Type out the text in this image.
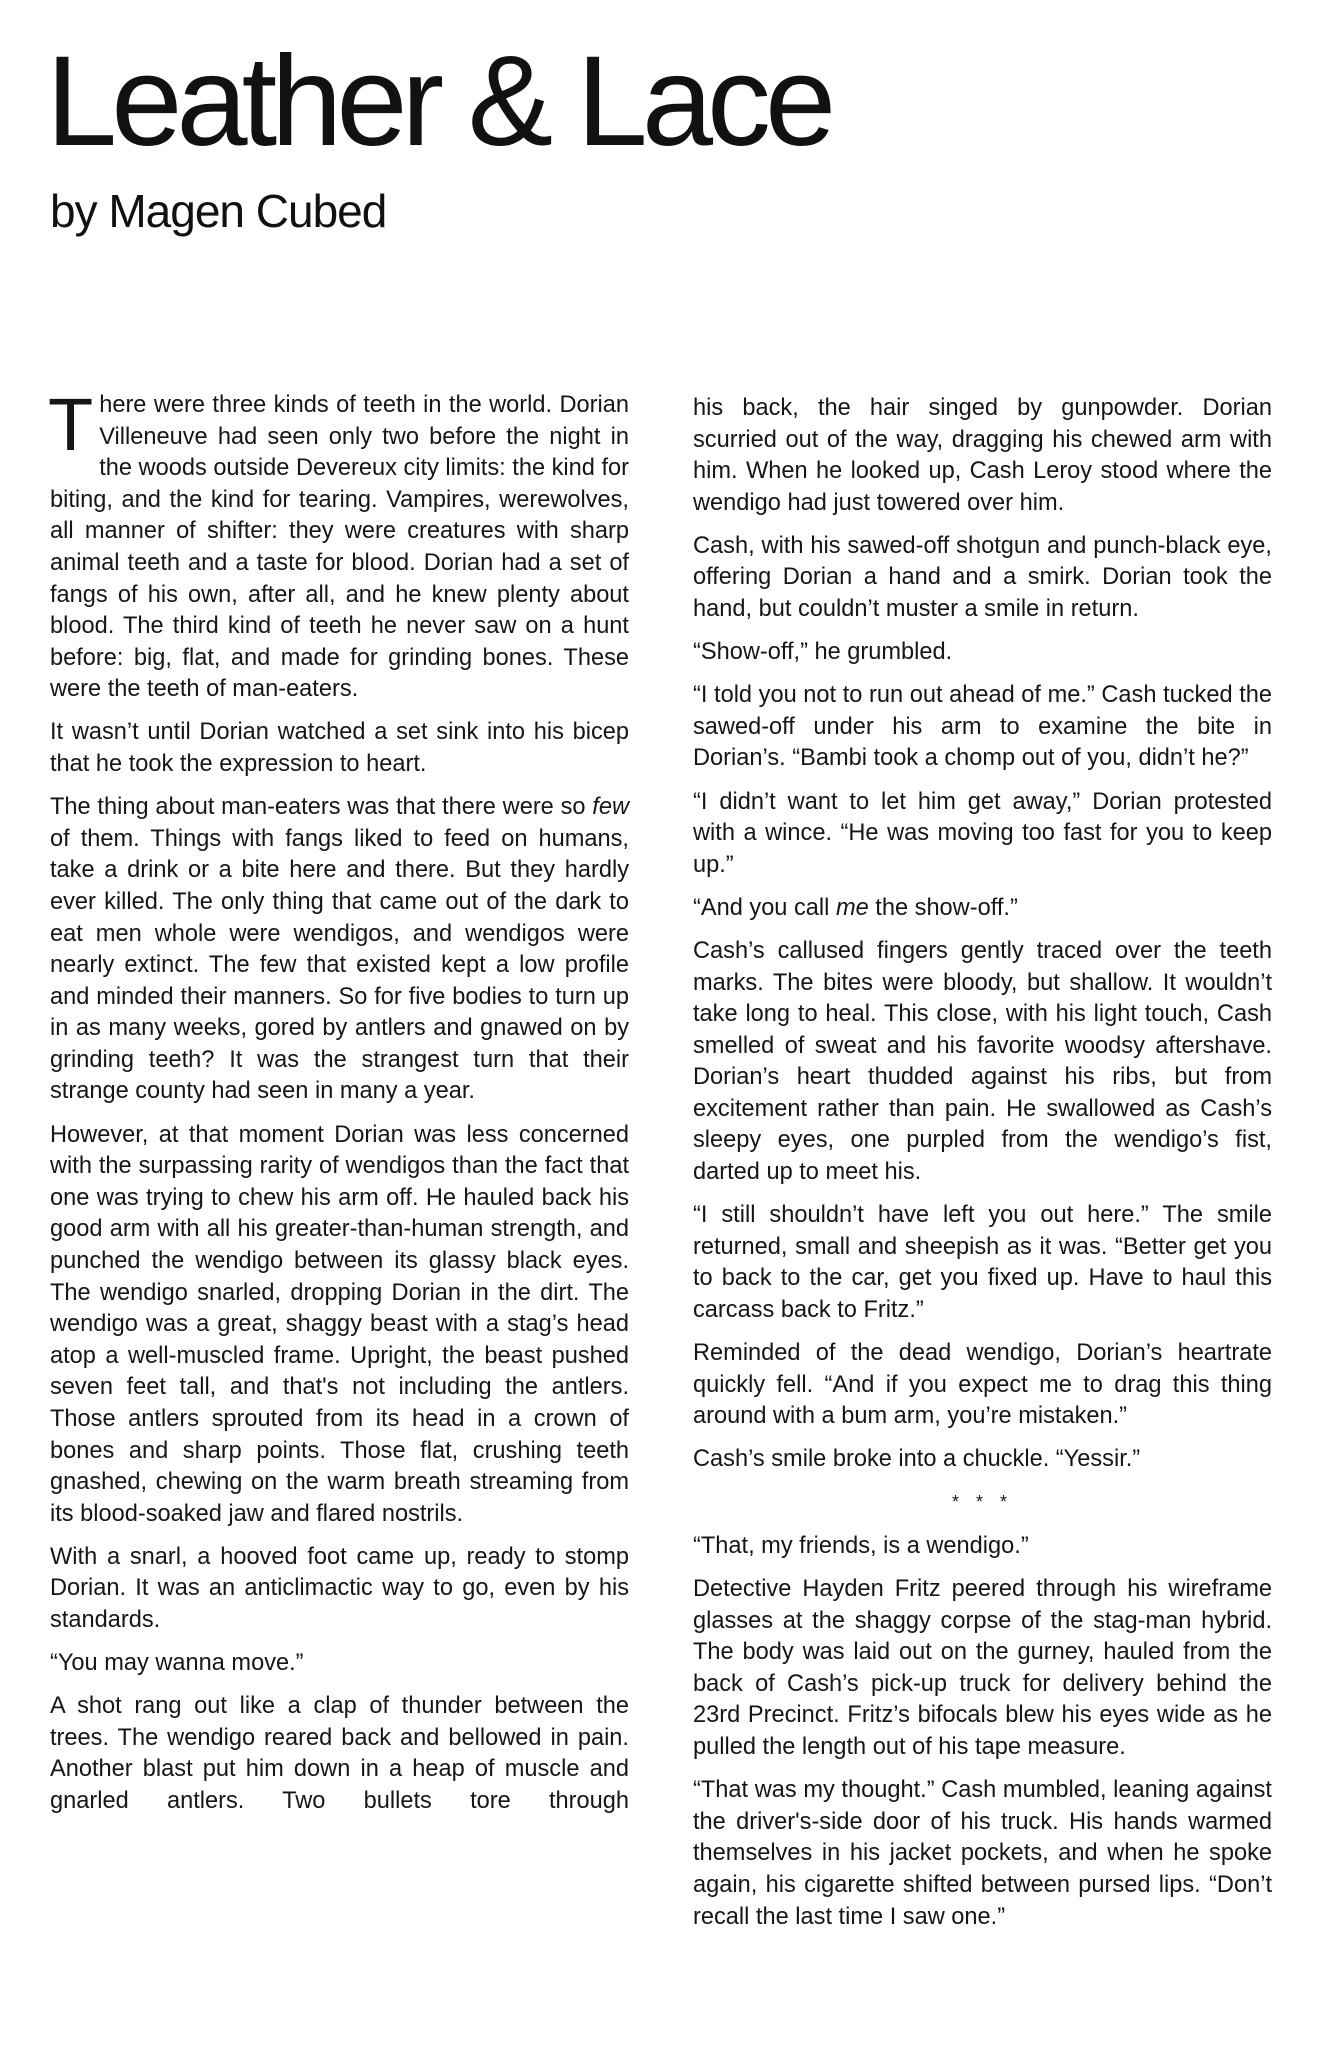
Leather & Lace
by Magen Cubed

There were three kinds of teeth in the world. Dorian Villeneuve had seen only two before the night in the woods outside Devereux city limits: the kind for biting, and the kind for tearing. Vampires, werewolves, all manner of shifter: they were creatures with sharp animal teeth and a taste for blood. Dorian had a set of fangs of his own, after all, and he knew plenty about blood. The third kind of teeth he never saw on a hunt before: big, flat, and made for grinding bones. These were the teeth of man-eaters.

It wasn’t until Dorian watched a set sink into his bicep that he took the expression to heart.

The thing about man-eaters was that there were so few of them. Things with fangs liked to feed on humans, take a drink or a bite here and there. But they hardly ever killed. The only thing that came out of the dark to eat men whole were wendigos, and wendigos were nearly extinct. The few that existed kept a low profile and minded their manners. So for five bodies to turn up in as many weeks, gored by antlers and gnawed on by grinding teeth? It was the strangest turn that their strange county had seen in many a year.

However, at that moment Dorian was less concerned with the surpassing rarity of wendigos than the fact that one was trying to chew his arm off. He hauled back his good arm with all his greater-than-human strength, and punched the wendigo between its glassy black eyes. The wendigo snarled, dropping Dorian in the dirt. The wendigo was a great, shaggy beast with a stag’s head atop a well-muscled frame. Upright, the beast pushed seven feet tall, and that's not including the antlers. Those antlers sprouted from its head in a crown of bones and sharp points. Those flat, crushing teeth gnashed, chewing on the warm breath streaming from its blood-soaked jaw and flared nostrils.

With a snarl, a hooved foot came up, ready to stomp Dorian. It was an anticlimactic way to go, even by his standards.

“You may wanna move.”

A shot rang out like a clap of thunder between the trees. The wendigo reared back and bellowed in pain. Another blast put him down in a heap of muscle and gnarled antlers. Two bullets tore through

his back, the hair singed by gunpowder. Dorian scurried out of the way, dragging his chewed arm with him. When he looked up, Cash Leroy stood where the wendigo had just towered over him.

Cash, with his sawed-off shotgun and punch-black eye, offering Dorian a hand and a smirk. Dorian took the hand, but couldn’t muster a smile in return.

“Show-off,” he grumbled.

“I told you not to run out ahead of me.” Cash tucked the sawed-off under his arm to examine the bite in Dorian’s. “Bambi took a chomp out of you, didn’t he?”

“I didn’t want to let him get away,” Dorian protested with a wince. “He was moving too fast for you to keep up.”

“And you call me the show-off.”

Cash’s callused fingers gently traced over the teeth marks. The bites were bloody, but shallow. It wouldn’t take long to heal. This close, with his light touch, Cash smelled of sweat and his favorite woodsy aftershave. Dorian’s heart thudded against his ribs, but from excitement rather than pain. He swallowed as Cash’s sleepy eyes, one purpled from the wendigo’s fist, darted up to meet his.

“I still shouldn’t have left you out here.” The smile returned, small and sheepish as it was. “Better get you to back to the car, get you fixed up. Have to haul this carcass back to Fritz.”

Reminded of the dead wendigo, Dorian’s heartrate quickly fell. “And if you expect me to drag this thing around with a bum arm, you’re mistaken.”

Cash’s smile broke into a chuckle. “Yessir.”

* * *

“That, my friends, is a wendigo.”

Detective Hayden Fritz peered through his wireframe glasses at the shaggy corpse of the stag-man hybrid. The body was laid out on the gurney, hauled from the back of Cash’s pick-up truck for delivery behind the 23rd Precinct. Fritz’s bifocals blew his eyes wide as he pulled the length out of his tape measure.

“That was my thought.” Cash mumbled, leaning against the driver's-side door of his truck. His hands warmed themselves in his jacket pockets, and when he spoke again, his cigarette shifted between pursed lips. “Don’t recall the last time I saw one.”
